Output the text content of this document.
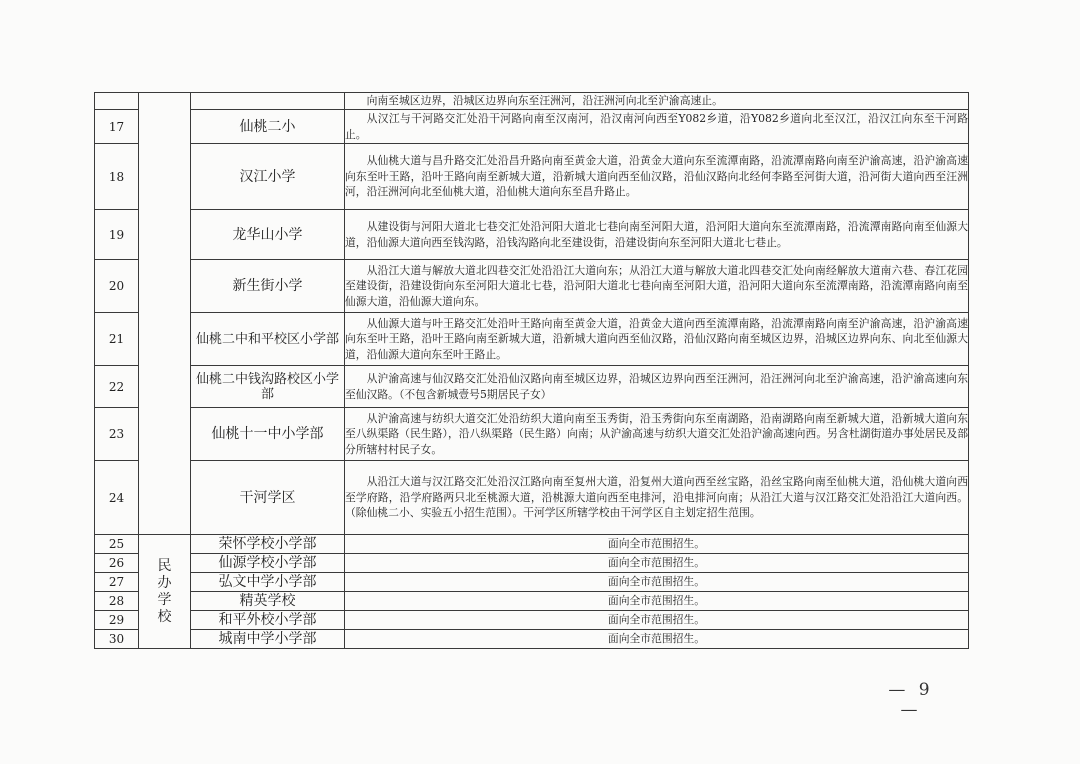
			向南至城区边界，沿城区边界向东至汪洲河，沿汪洲河向北至沪渝高速止。

17		仙桃二小	从汉江与干河路交汇处沿干河路向南至汉南河，沿汉南河向西至Y082乡道，沿Y082乡道向北至汉江，沿汉江向东至干河路止。

18		汉江小学	从仙桃大道与昌升路交汇处沿昌升路向南至黄金大道，沿黄金大道向东至流潭南路，沿流潭南路向南至沪渝高速，沿沪渝高速向东至叶王路，沿叶王路向南至新城大道，沿新城大道向西至仙汉路，沿仙汉路向北经何李路至河街大道，沿河街大道向西至汪洲河，沿汪洲河向北至仙桃大道，沿仙桃大道向东至昌升路止。

19		龙华山小学	从建设街与河阳大道北七巷交汇处沿河阳大道北七巷向南至河阳大道，沿河阳大道向东至流潭南路，沿流潭南路向南至仙源大道，沿仙源大道向西至钱沟路，沿钱沟路向北至建设街，沿建设街向东至河阳大道北七巷止。

20		新生街小学	从沿江大道与解放大道北四巷交汇处沿沿江大道向东；从沿江大道与解放大道北四巷交汇处向南经解放大道南六巷、春江花园至建设街，沿建设街向东至河阳大道北七巷，沿河阳大道北七巷向南至河阳大道，沿河阳大道向东至流潭南路，沿流潭南路向南至仙源大道，沿仙源大道向东。

21		仙桃二中和平校区小学部	从仙源大道与叶王路交汇处沿叶王路向南至黄金大道，沿黄金大道向西至流潭南路，沿流潭南路向南至沪渝高速，沿沪渝高速向东至叶王路，沿叶王路向南至新城大道，沿新城大道向西至仙汉路，沿仙汉路向南至城区边界，沿城区边界向东、向北至仙源大道，沿仙源大道向东至叶王路止。

22		仙桃二中钱沟路校区小学部	从沪渝高速与仙汉路交汇处沿仙汉路向南至城区边界，沿城区边界向西至汪洲河，沿汪洲河向北至沪渝高速，沿沪渝高速向东至仙汉路。（不包含新城壹号5期居民子女）

23		仙桃十一中小学部	从沪渝高速与纺织大道交汇处沿纺织大道向南至玉秀街，沿玉秀街向东至南湖路，沿南湖路向南至新城大道，沿新城大道向东至八纵渠路（民生路），沿八纵渠路（民生路）向南；从沪渝高速与纺织大道交汇处沿沪渝高速向西。另含杜湖街道办事处居民及部分所辖村村民子女。

24		干河学区	从沿江大道与汉江路交汇处沿汉江路向南至复州大道，沿复州大道向西至丝宝路，沿丝宝路向南至仙桃大道，沿仙桃大道向西至学府路，沿学府路两只北至桃源大道，沿桃源大道向西至电排河，沿电排河向南；从沿江大道与汉江路交汇处沿沿江大道向西。（除仙桃二小、实验五小招生范围）。干河学区所辖学校由干河学区自主划定招生范围。

25	民
办
学
校	荣怀学校小学部	面向全市范围招生。

26		仙源学校小学部	面向全市范围招生。

27		弘文中学小学部	面向全市范围招生。

28		精英学校	面向全市范围招生。

29		和平外校小学部	面向全市范围招生。

30		城南中学小学部	面向全市范围招生。
— 9 —
